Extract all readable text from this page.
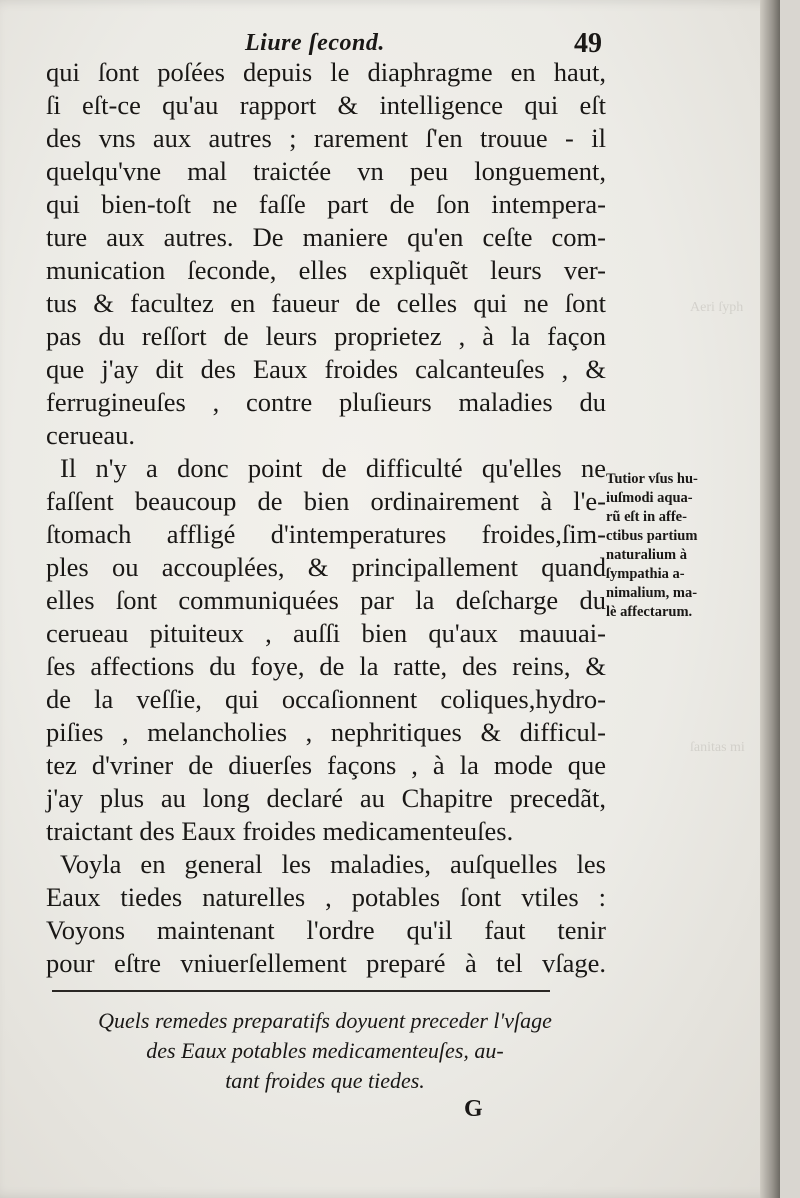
Aeri ſyph
ſanitas mi
Liure ſecond.	49
qui ſont poſées depuis le diaphragme en haut,
ſi eſt-ce qu'au rapport & intelligence qui eſt
des vns aux autres ; rarement ſ'en trouue - il
quelqu'vne mal traictée vn peu longuement,
qui bien-toſt ne faſſe part de ſon intempera-
ture aux autres. De maniere qu'en ceſte com-
munication ſeconde, elles expliquẽt leurs ver-
tus & facultez en faueur de celles qui ne ſont
pas du reſſort de leurs proprietez , à la façon
que j'ay dit des Eaux froides calcanteuſes , &
ferrugineuſes , contre pluſieurs maladies du
cerueau.
Il n'y a donc point de difficulté qu'elles ne
faſſent beaucoup de bien ordinairement à l'e-
ſtomach affligé d'intemperatures froides,ſim-
ples ou accouplées, & principallement quand
elles ſont communiquées par la deſcharge du
cerueau pituiteux , auſſi bien qu'aux mauuai-
ſes affections du foye, de la ratte, des reins, &
de la veſſie, qui occaſionnent coliques,hydro-
piſies , melancholies , nephritiques & difficul-
tez d'vriner de diuerſes façons , à la mode que
j'ay plus au long declaré au Chapitre precedãt,
traictant des Eaux froides medicamenteuſes.
Voyla en general les maladies, auſquelles les
Eaux tiedes naturelles , potables ſont vtiles :
Voyons maintenant l'ordre qu'il faut tenir
pour eſtre vniuerſellement preparé à tel vſage.
Tutior vſus hu-
iuſmodi aqua-
rũ eſt in affe-
ctibus partium
naturalium à
ſympathia a-
nimalium, ma-
lè affectarum.
Quels remedes preparatifs doyuent preceder l'vſage
des Eaux potables medicamenteuſes, au-
tant froides que tiedes.
G
